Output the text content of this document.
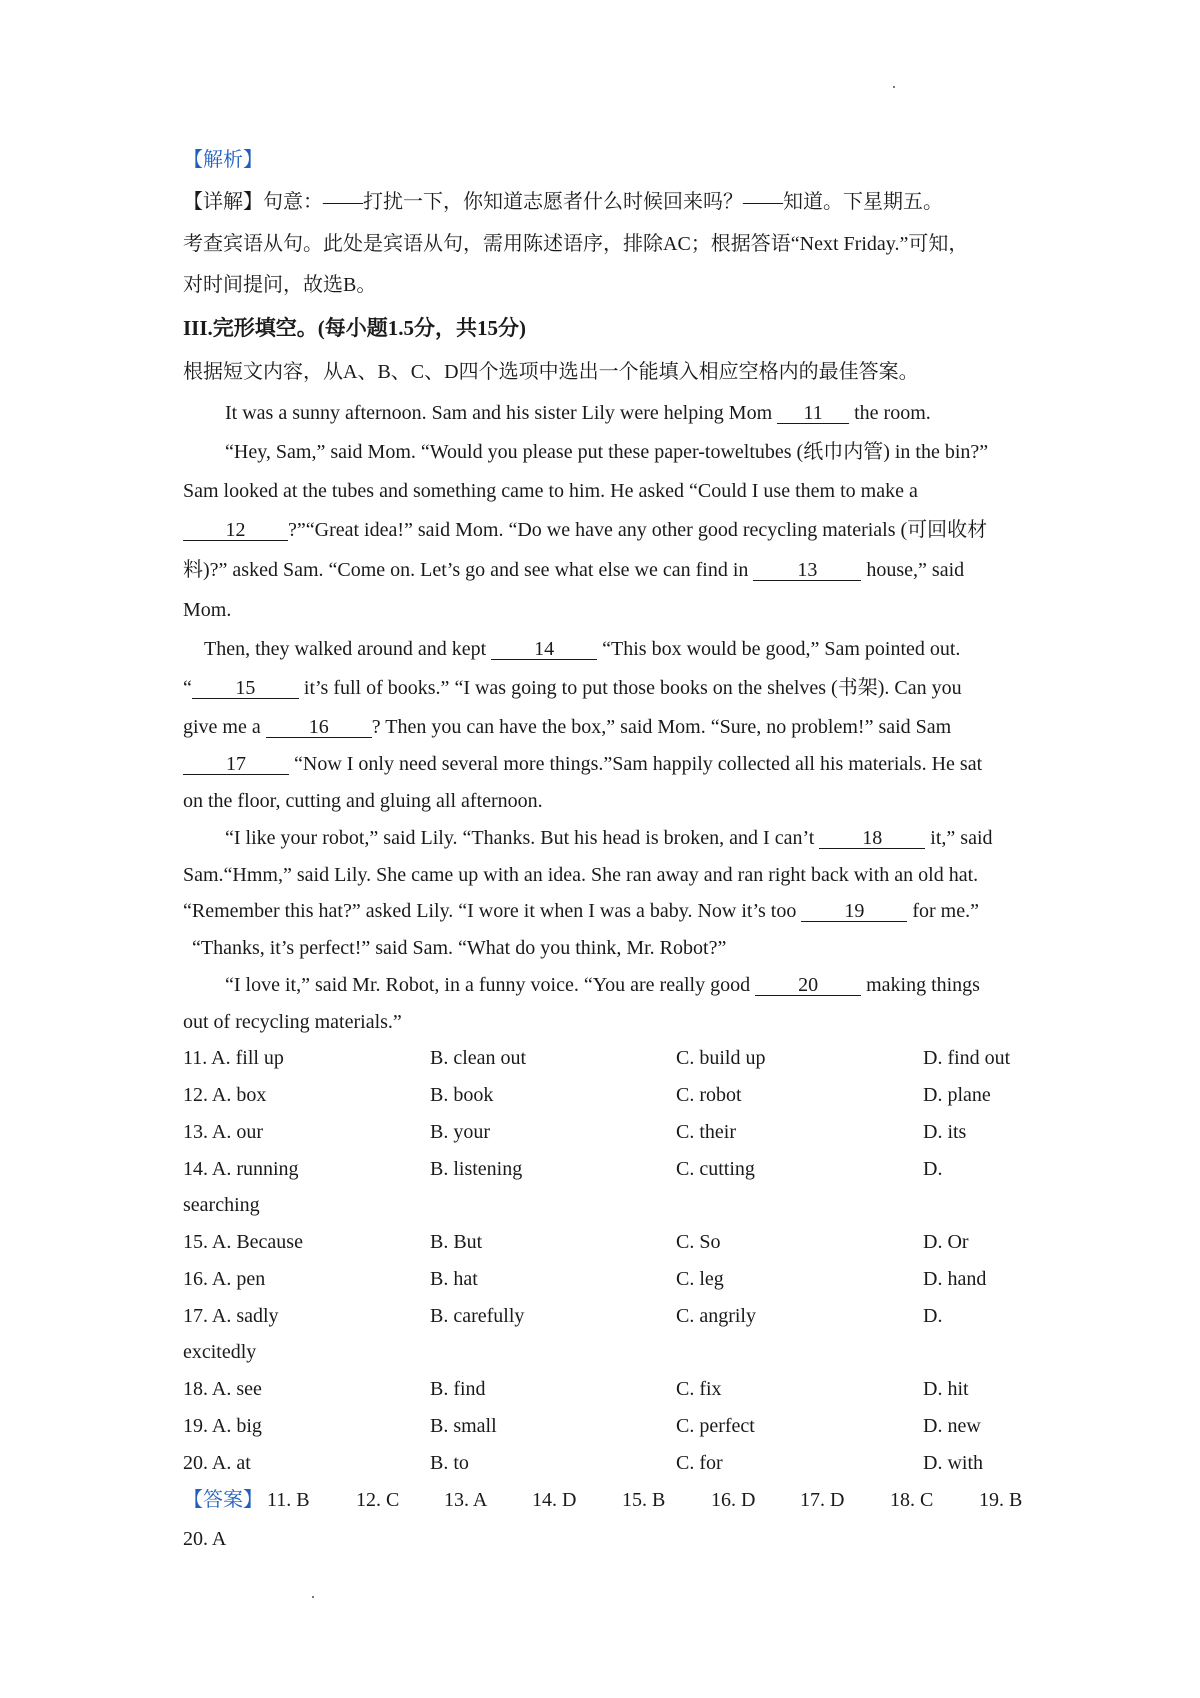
【解析】
【详解】句意：——打扰一下，你知道志愿者什么时候回来吗？——知道。下星期五。
考查宾语从句。此处是宾语从句，需用陈述语序，排除AC；根据答语“Next Friday.”可知，
对时间提问，故选B。
III.完形填空。(每小题1.5分，共15分)
根据短文内容，从A、B、C、D四个选项中选出一个能填入相应空格内的最佳答案。
It was a sunny afternoon. Sam and his sister Lily were helping Mom 11 the room.
“Hey, Sam,” said Mom. “Would you please put these paper-toweltubes (纸巾内管) in the bin?”
Sam looked at the tubes and something came to him. He asked “Could I use them to make a
12 ?”“Great idea!” said Mom. “Do we have any other good recycling materials (可回收材
料)?” asked Sam. “Come on. Let’s go and see what else we can find in 13 house,” said
Mom.
Then, they walked around and kept 14 “This box would be good,” Sam pointed out.
“ 15 it’s full of books.” “I was going to put those books on the shelves (书架). Can you
give me a 16 ? Then you can have the box,” said Mom. “Sure, no problem!” said Sam
17 “Now I only need several more things.”Sam happily collected all his materials. He sat
on the floor, cutting and gluing all afternoon.
“I like your robot,” said Lily. “Thanks. But his head is broken, and I can’t 18 it,” said
Sam.“Hmm,” said Lily. She came up with an idea. She ran away and ran right back with an old hat.
“Remember this hat?” asked Lily. “I wore it when I was a baby. Now it’s too 19 for me.”
“Thanks, it’s perfect!” said Sam. “What do you think, Mr. Robot?”
“I love it,” said Mr. Robot, in a funny voice. “You are really good 20 making things
out of recycling materials.”
11. A. fill up	B. clean out	C. build up	D. find out
12. A. box	B. book	C. robot	D. plane
13. A. our	B. your	C. their	D. its
14. A. running	B. listening	C. cutting	D.
searching
15. A. Because	B. But	C. So	D. Or
16. A. pen	B. hat	C. leg	D. hand
17. A. sadly	B. carefully	C. angrily	D.
excitedly
18. A. see	B. find	C. fix	D. hit
19. A. big	B. small	C. perfect	D. new
20. A. at	B. to	C. for	D. with
【答案】 11. B 12. C 13. A 14. D 15. B 16. D 17. D 18. C 19. B
20. A
